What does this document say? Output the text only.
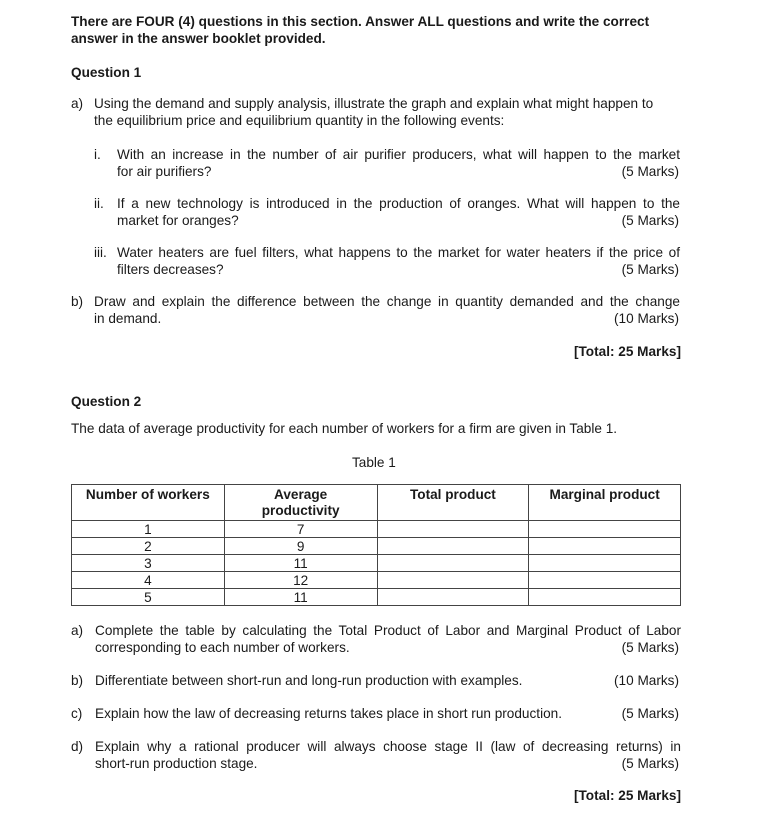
There are FOUR (4) questions in this section. Answer ALL questions and write the correct answer in the answer booklet provided.
Question 1
a) Using the demand and supply analysis, illustrate the graph and explain what might happen to
the equilibrium price and equilibrium quantity in the following events:
i. With an increase in the number of air purifier producers, what will happen to the market
for air purifiers?	(5 Marks)
ii. If a new technology is introduced in the production of oranges. What will happen to the
market for oranges?	(5 Marks)
iii. Water heaters are fuel filters, what happens to the market for water heaters if the price of
filters decreases?	(5 Marks)
b) Draw and explain the difference between the change in quantity demanded and the change
in demand.	(10 Marks)
[Total: 25 Marks]
Question 2
The data of average productivity for each number of workers for a firm are given in Table 1.
Table 1
Number of workers	Average productivity	Total product	Marginal product
1	7		
2	9		
3	11		
4	12		
5	11		
a) Complete the table by calculating the Total Product of Labor and Marginal Product of Labor
corresponding to each number of workers.	(5 Marks)
b) Differentiate between short-run and long-run production with examples.	(10 Marks)
c) Explain how the law of decreasing returns takes place in short run production.	(5 Marks)
d) Explain why a rational producer will always choose stage II (law of decreasing returns) in
short-run production stage.	(5 Marks)
[Total: 25 Marks]
